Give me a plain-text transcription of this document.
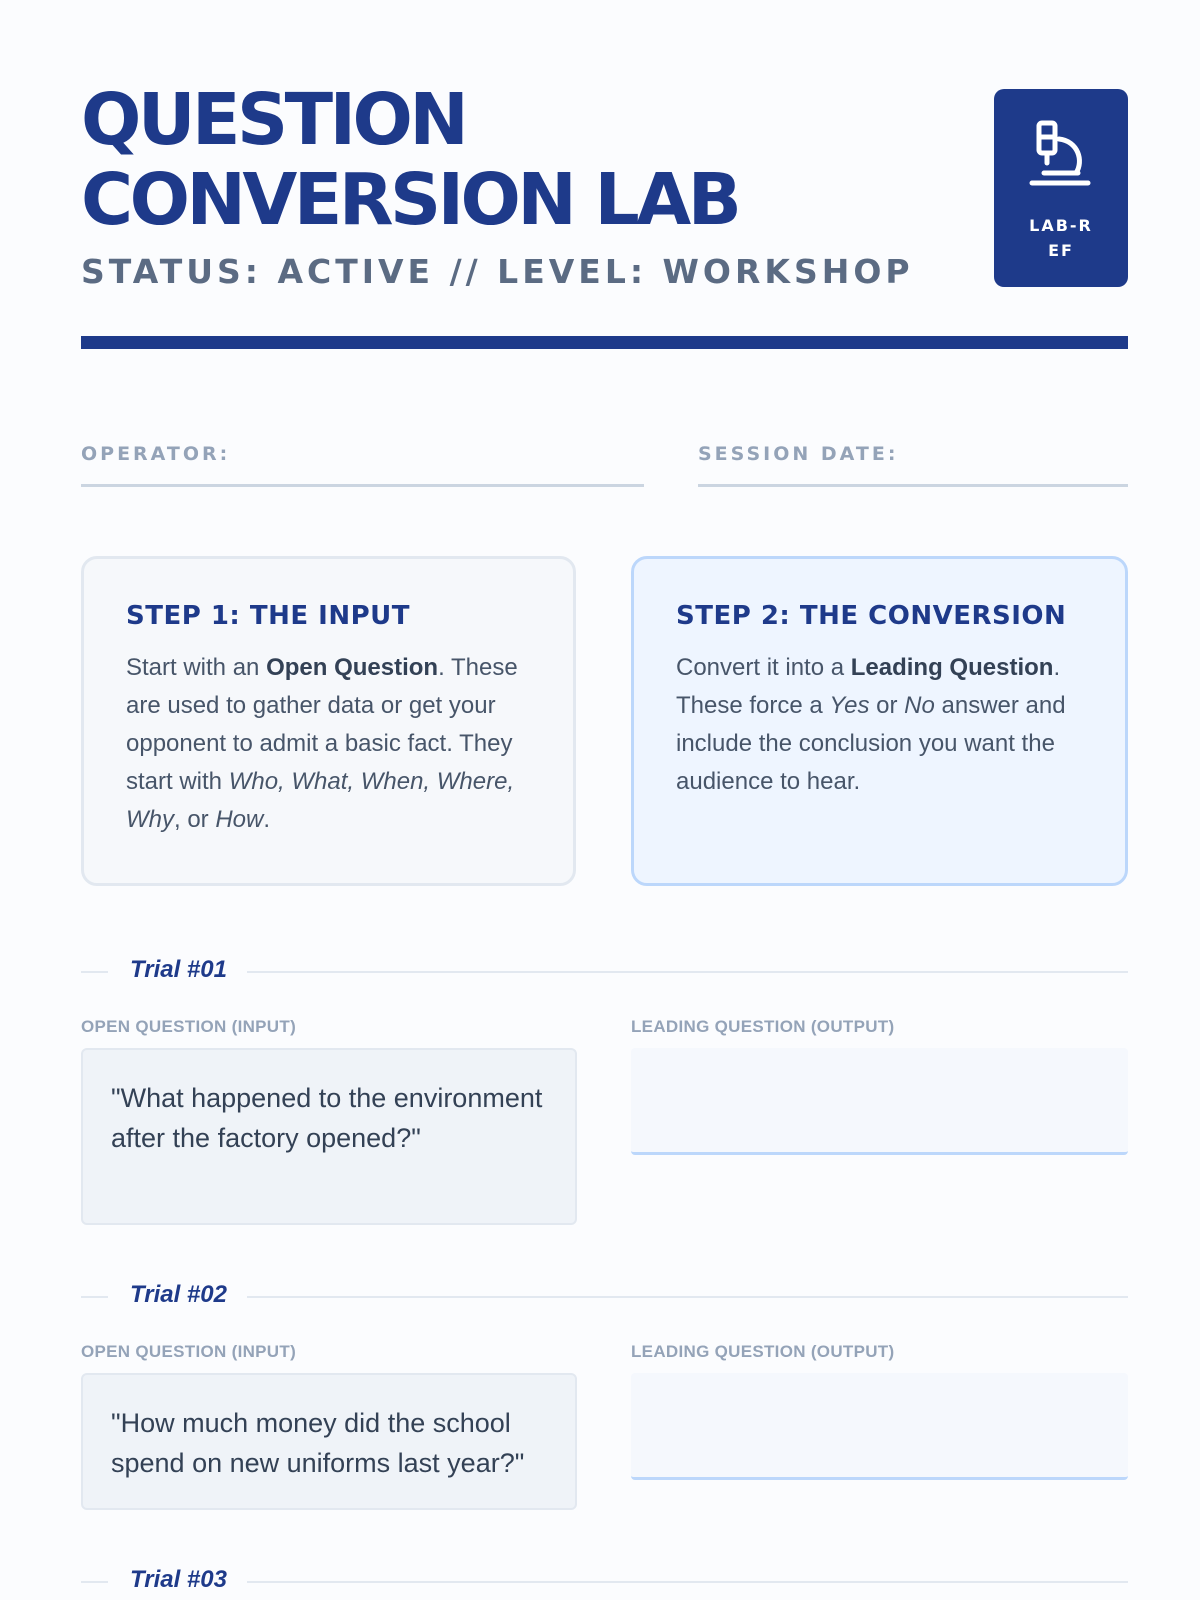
QUESTION
CONVERSION LAB
STATUS: ACTIVE // LEVEL: WORKSHOP
LAB-REF
OPERATOR:	SESSION DATE:
STEP 1: THE INPUT

Start with an Open Question. These are used to gather data or get your opponent to admit a basic fact. They start with Who, What, When, Where, Why, or How.

STEP 2: THE CONVERSION

Convert it into a Leading Question. These force a Yes or No answer and include the conclusion you want the audience to hear.

Trial #01
OPEN QUESTION (INPUT)	LEADING QUESTION (OUTPUT)
"What happened to the environment after the factory opened?"
Trial #02
OPEN QUESTION (INPUT)	LEADING QUESTION (OUTPUT)
"How much money did the school spend on new uniforms last year?"
Trial #03
